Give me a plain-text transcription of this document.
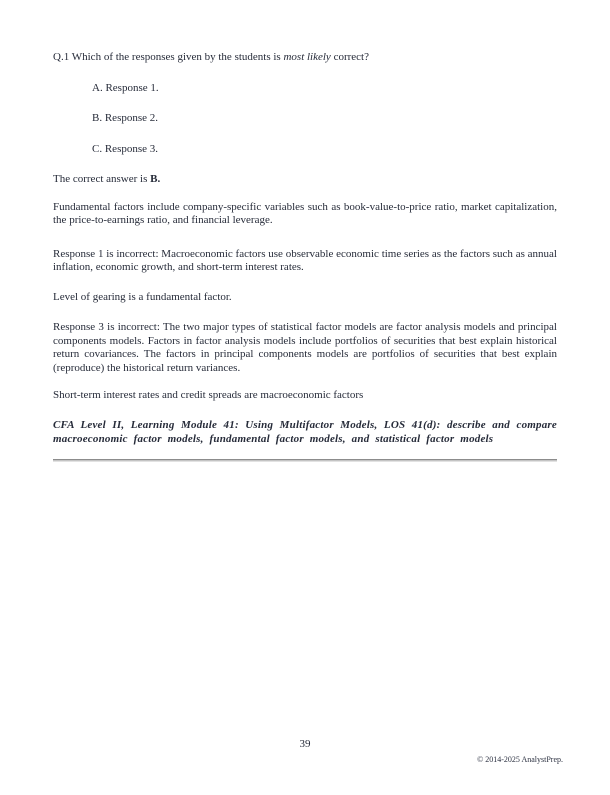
Q.1 Which of the responses given by the students is most likely correct?

A. Response 1.

B. Response 2.

C. Response 3.

The correct answer is B.

Fundamental factors include company-specific variables such as book-value-to-price ratio, market capitalization, the price-to-earnings ratio, and financial leverage.

Response 1 is incorrect: Macroeconomic factors use observable economic time series as the factors such as annual inflation, economic growth, and short-term interest rates.

Level of gearing is a fundamental factor.

Response 3 is incorrect: The two major types of statistical factor models are factor analysis models and principal components models. Factors in factor analysis models include portfolios of securities that best explain historical return covariances. The factors in principal components models are portfolios of securities that best explain (reproduce) the historical return variances.

Short-term interest rates and credit spreads are macroeconomic factors

CFA Level II, Learning Module 41: Using Multifactor Models, LOS 41(d): describe and compare macroeconomic factor models, fundamental factor models, and statistical factor models

39
© 2014-2025 AnalystPrep.
